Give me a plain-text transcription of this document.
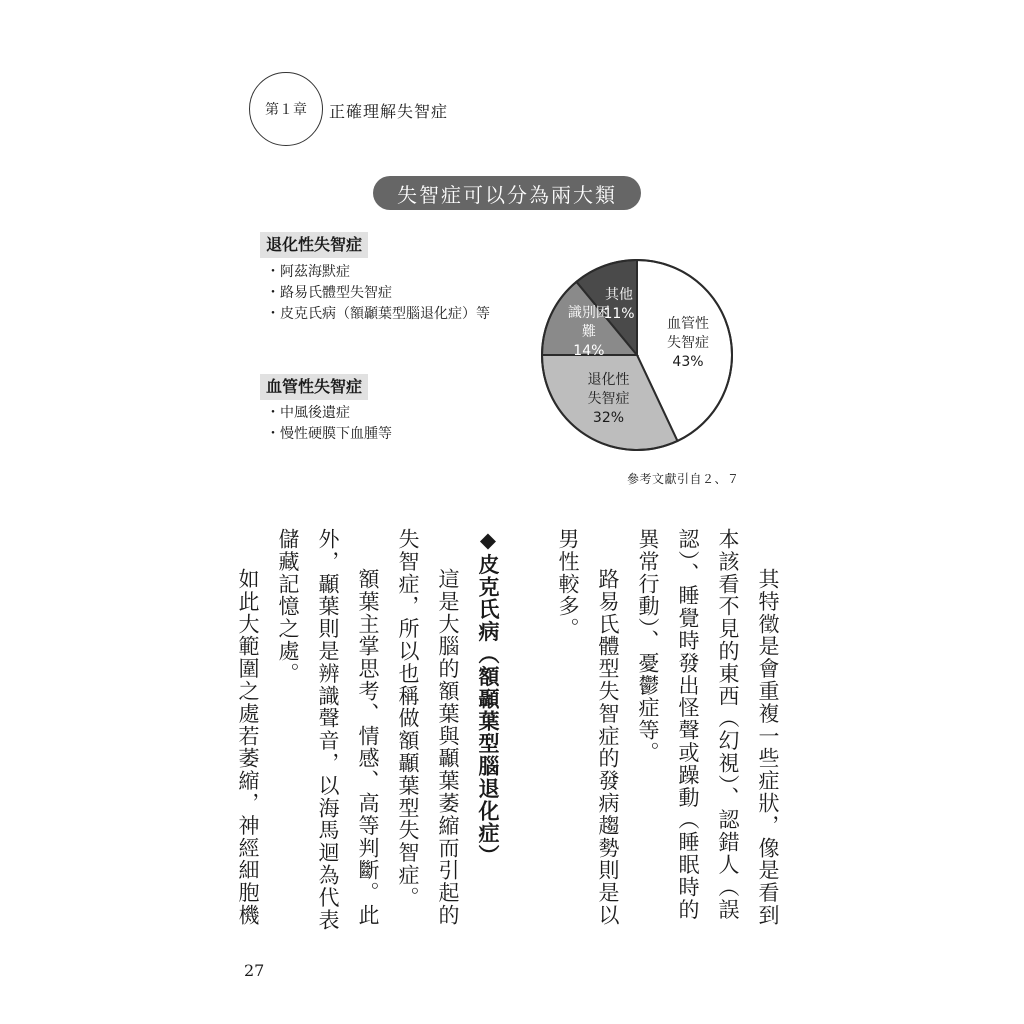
第１章	正確理解失智症
失智症可以分為兩大類
退化性失智症
・ 阿茲海默症
・ 路易氏體型失智症
・ 皮克氏病（額顳葉型腦退化症）等
血管性失智症
・ 中風後遺症
・ 慢性硬膜下血腫等
血管性
失智症
43%
退化性
失智症
32%
識別困
難
14%
其他
11%
參考文獻引自２、７
其特徵是會重複一些症狀，像是看到
本該看不見的東西（幻視）、認錯人（誤
認）、睡覺時發出怪聲或躁動（睡眠時的
異常行動）、憂鬱症等。
路易氏體型失智症的發病趨勢則是以
男性較多。
◆皮克氏病（額顳葉型腦退化症）
這是大腦的額葉與顳葉萎縮而引起的
失智症，所以也稱做額顳葉型失智症。
額葉主掌思考、情感、高等判斷。此
外，顳葉則是辨識聲音，以海馬迴為代表
儲藏記憶之處。
如此大範圍之處若萎縮，神經細胞機
27
